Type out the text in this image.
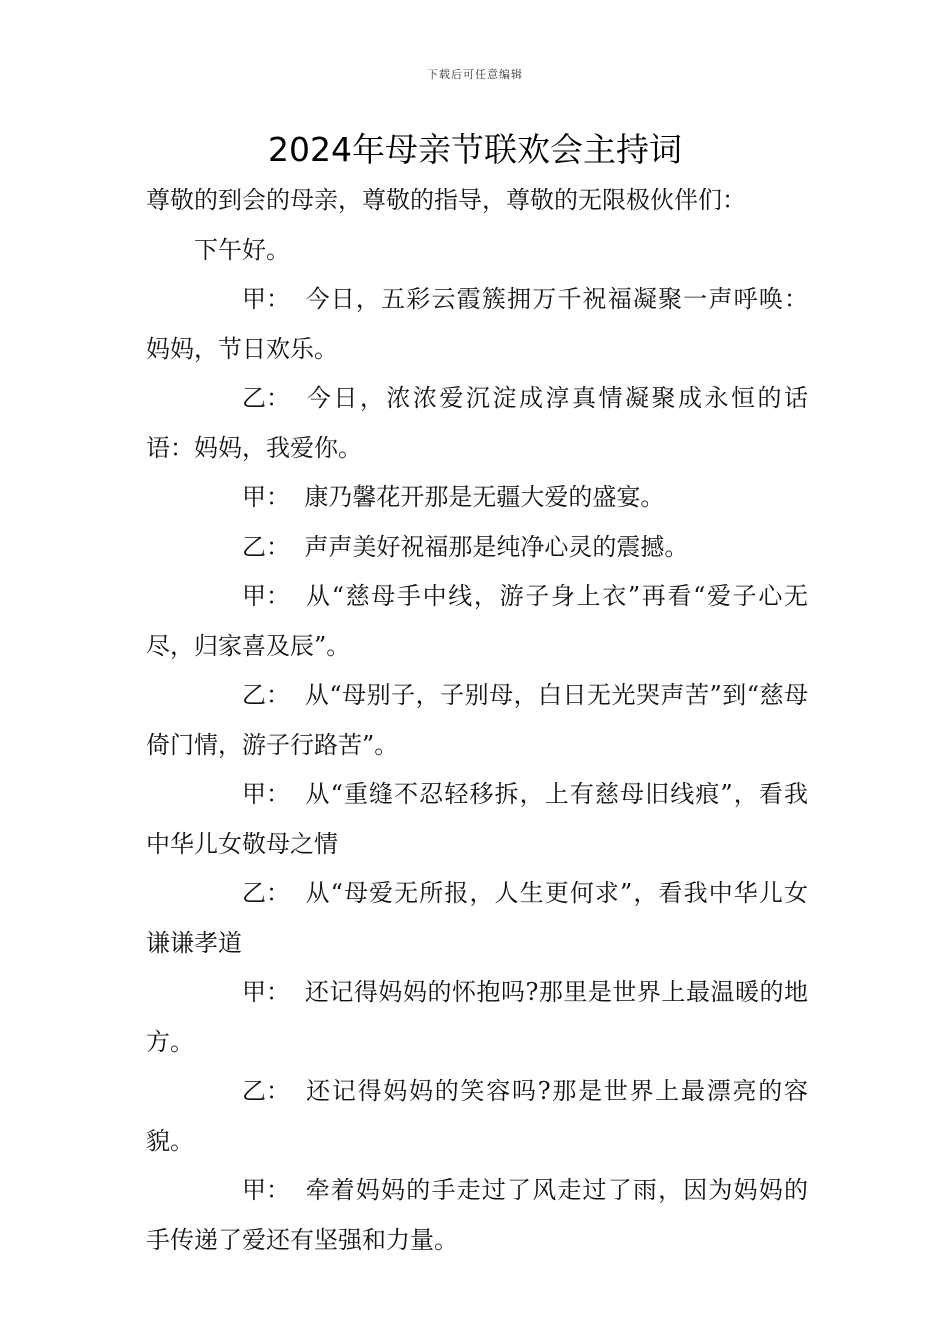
下载后可任意编辑
2024年母亲节联欢会主持词

尊敬的到会的母亲，尊敬的指导，尊敬的无限极伙伴们：

下午好。

甲： 今日，五彩云霞簇拥万千祝福凝聚一声呼唤：妈妈，节日欢乐。

乙： 今日，浓浓爱沉淀成淳真情凝聚成永恒的话语：妈妈，我爱你。

甲： 康乃馨花开那是无疆大爱的盛宴。

乙： 声声美好祝福那是纯净心灵的震撼。

甲： 从“慈母手中线，游子身上衣”再看“爱子心无尽，归家喜及辰”。

乙： 从“母别子，子别母，白日无光哭声苦”到“慈母倚门情，游子行路苦”。

甲： 从“重缝不忍轻移拆，上有慈母旧线痕”，看我中华儿女敬母之情

乙： 从“母爱无所报，人生更何求”，看我中华儿女谦谦孝道

甲： 还记得妈妈的怀抱吗?那里是世界上最温暖的地方。

乙： 还记得妈妈的笑容吗?那是世界上最漂亮的容貌。

甲： 牵着妈妈的手走过了风走过了雨，因为妈妈的手传递了爱还有坚强和力量。
